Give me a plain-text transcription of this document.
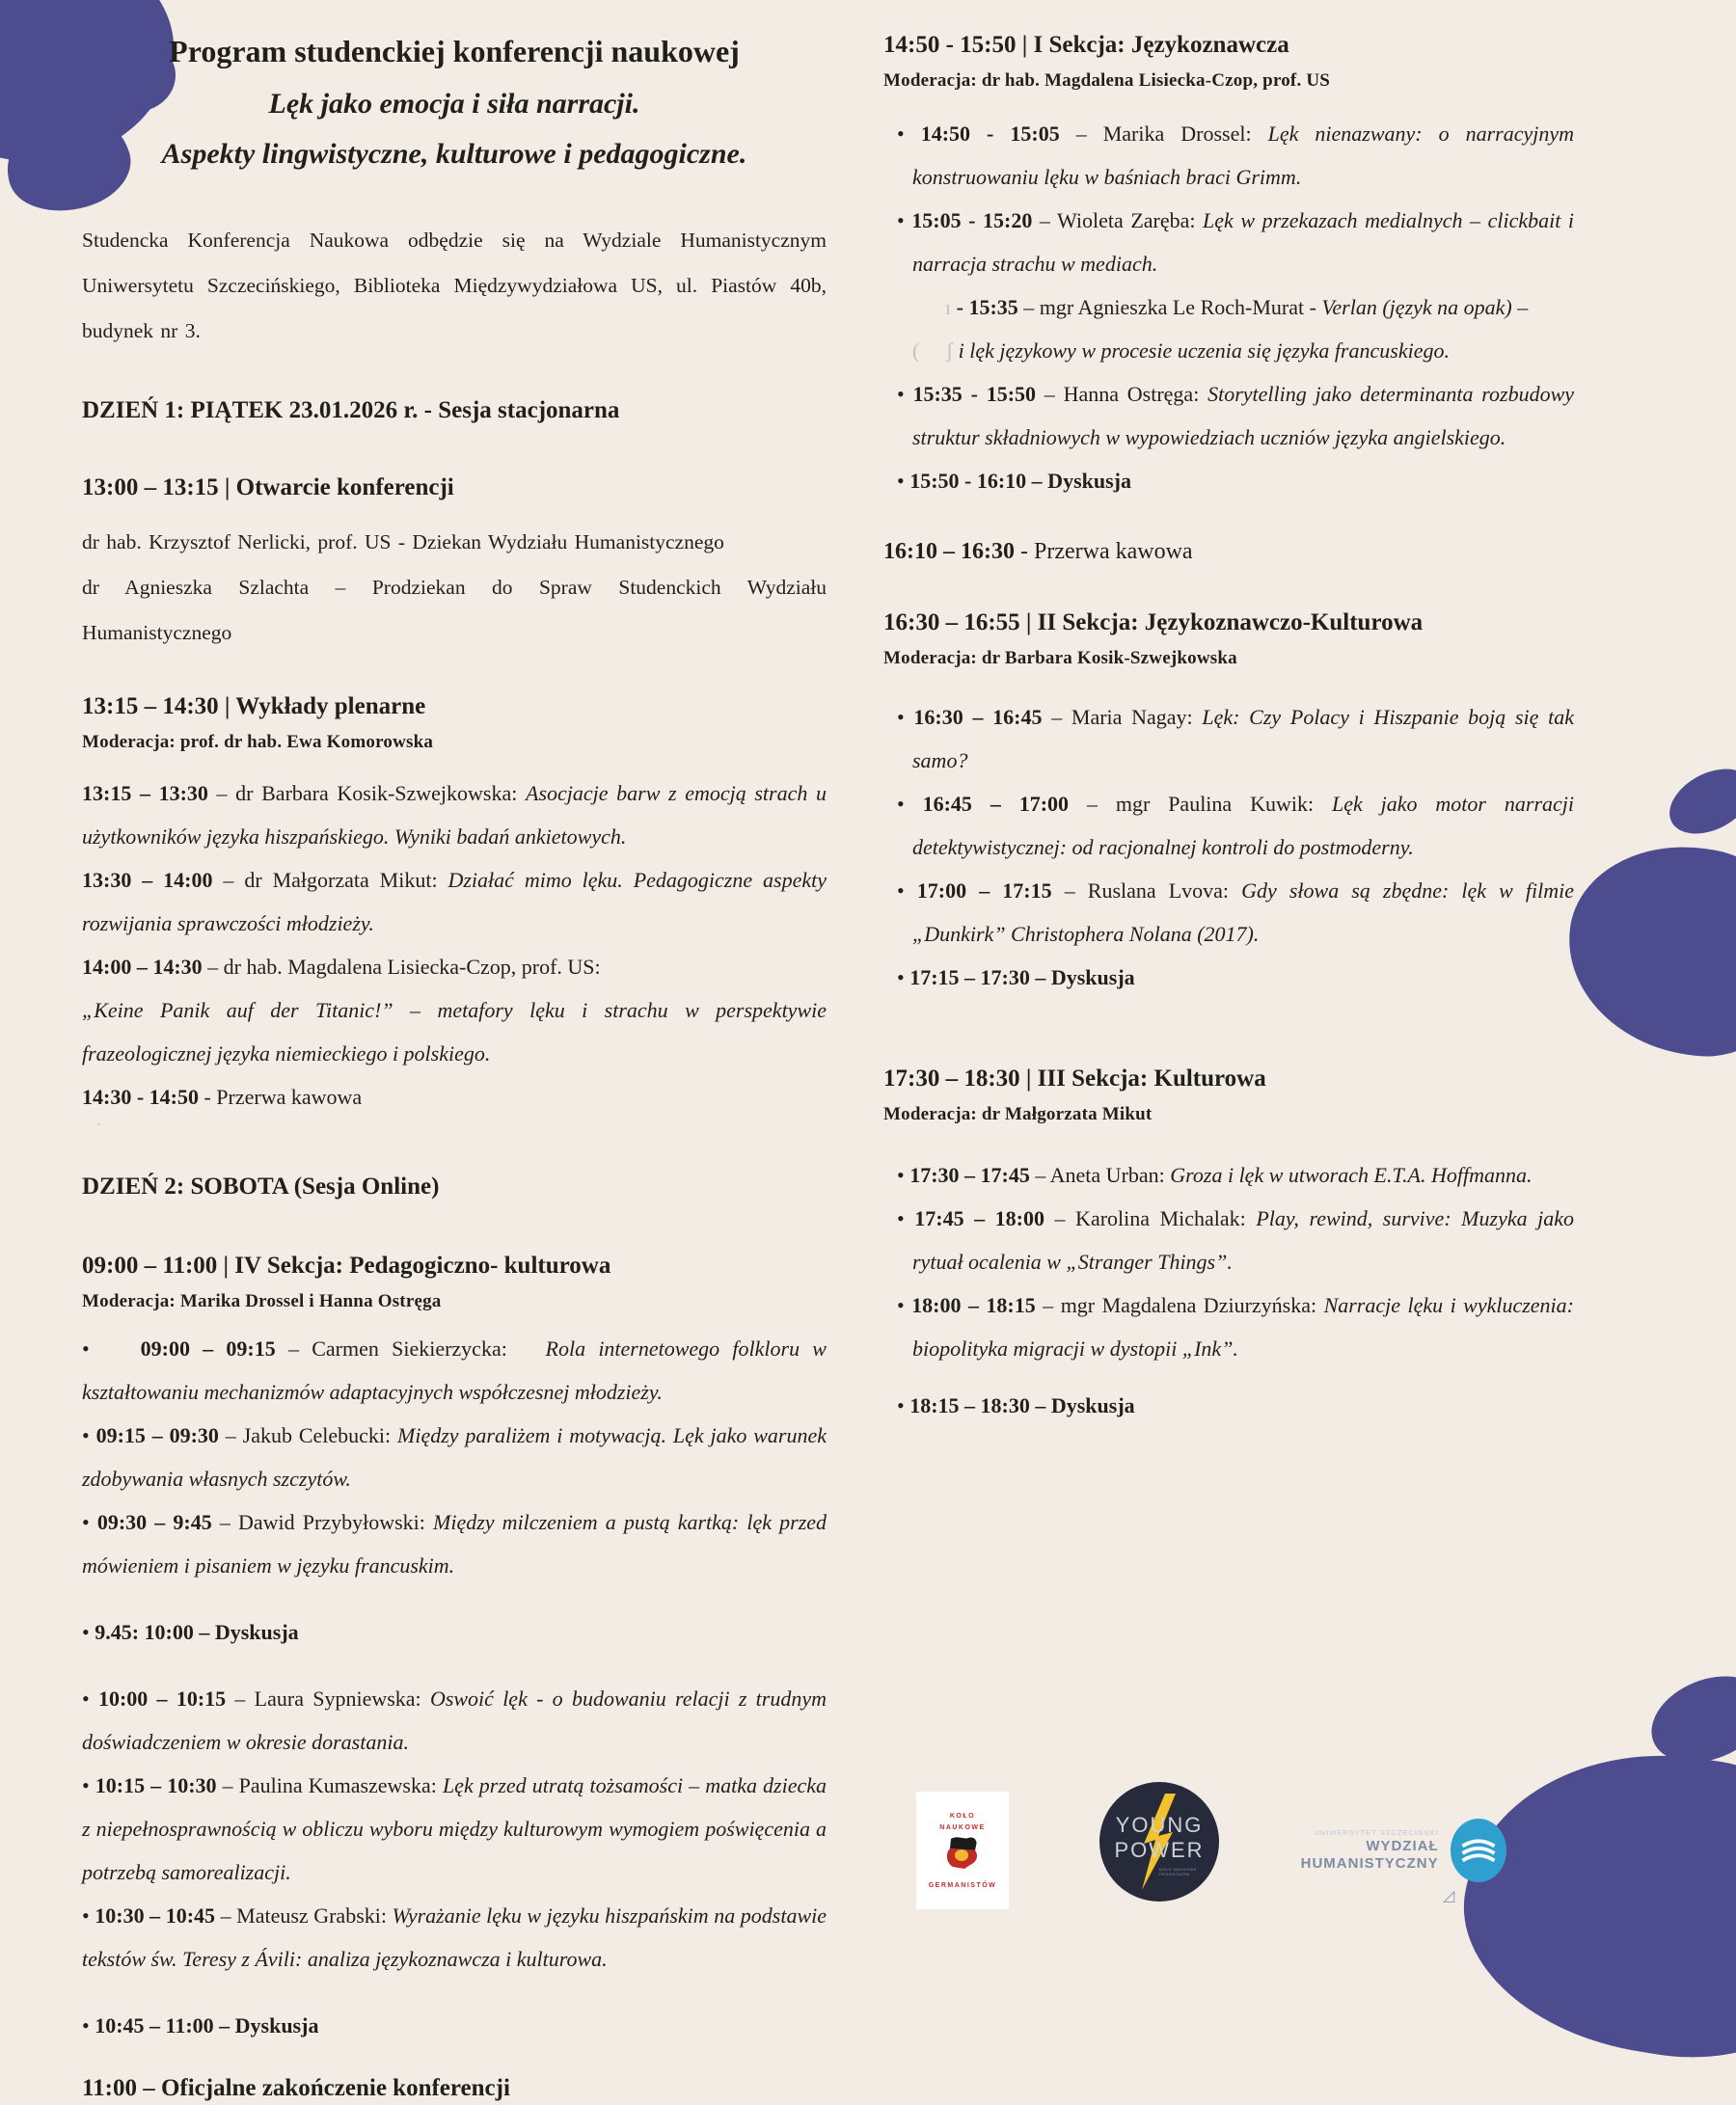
◿
Program studenckiej konferencji naukowej
Lęk jako emocja i siła narracji.
Aspekty lingwistyczne, kulturowe i pedagogiczne.
Studencka Konferencja Naukowa odbędzie się na Wydziale Humanistycznym Uniwersytetu Szczecińskiego, Biblioteka Międzywydziałowa US, ul. Piastów 40b, budynek nr 3.
DZIEŃ 1: PIĄTEK 23.01.2026 r. - Sesja stacjonarna
13:00 – 13:15 | Otwarcie konferencji
dr hab. Krzysztof Nerlicki, prof. US - Dziekan Wydziału Humanistycznego
dr Agnieszka Szlachta – Prodziekan do Spraw Studenckich Wydziału Humanistycznego
13:15 – 14:30 | Wykłady plenarne
Moderacja: prof. dr hab. Ewa Komorowska
13:15 – 13:30 – dr Barbara Kosik-Szwejkowska: Asocjacje barw z emocją strach u użytkowników języka hiszpańskiego. Wyniki badań ankietowych.
13:30 – 14:00 – dr Małgorzata Mikut: Działać mimo lęku. Pedagogiczne aspekty rozwijania sprawczości młodzieży.
14:00 – 14:30 – dr hab. Magdalena Lisiecka-Czop, prof. US:
„Keine Panik auf der Titanic!” – metafory lęku i strachu w perspektywie frazeologicznej języka niemieckiego i polskiego.
14:30 - 14:50 - Przerwa kawowa
˙
DZIEŃ 2: SOBOTA (Sesja Online)
09:00 – 11:00 | IV Sekcja: Pedagogiczno- kulturowa
Moderacja: Marika Drossel i Hanna Ostręga
•    09:00 – 09:15 – Carmen Siekierzycka:   Rola internetowego folkloru w kształtowaniu mechanizmów adaptacyjnych współczesnej młodzieży.
• 09:15 – 09:30 – Jakub Celebucki: Między paraliżem i motywacją. Lęk jako warunek zdobywania własnych szczytów.
• 09:30 – 9:45 – Dawid Przybyłowski: Między milczeniem a pustą kartką: lęk przed mówieniem i pisaniem w języku francuskim.
• 9.45: 10:00 – Dyskusja
• 10:00 – 10:15 – Laura Sypniewska: Oswoić lęk - o budowaniu relacji z trudnym doświadczeniem w okresie dorastania.
• 10:15 – 10:30 – Paulina Kumaszewska: Lęk przed utratą tożsamości – matka dziecka z niepełnosprawnością w obliczu wyboru między kulturowym wymogiem poświęcenia a potrzebą samorealizacji.
• 10:30 – 10:45 – Mateusz Grabski: Wyrażanie lęku w języku hiszpańskim na podstawie tekstów św. Teresy z Ávili: analiza językoznawcza i kulturowa.
• 10:45 – 11:00 – Dyskusja
11:00 – Oficjalne zakończenie konferencji
14:50 - 15:50 | I Sekcja: Językoznawcza
Moderacja: dr hab. Magdalena Lisiecka-Czop, prof. US
• 14:50 - 15:05 – Marika Drossel: Lęk nienazwany: o narracyjnym konstruowaniu lęku w baśniach braci Grimm.
• 15:05 - 15:20 – Wioleta Zaręba: Lęk w przekazach medialnych – clickbait i narracja strachu w mediach.
ı - 15:35 – mgr Agnieszka Le Roch-Murat - Verlan (język na opak) –
( ʃ i lęk językowy w procesie uczenia się języka francuskiego.
• 15:35 - 15:50 – Hanna Ostręga: Storytelling jako determinanta rozbudowy struktur składniowych w wypowiedziach uczniów języka angielskiego.
• 15:50 - 16:10 – Dyskusja
16:10 – 16:30 - Przerwa kawowa
16:30 – 16:55 | II Sekcja: Językoznawczo-Kulturowa
Moderacja: dr Barbara Kosik-Szwejkowska
• 16:30 – 16:45 – Maria Nagay: Lęk: Czy Polacy i Hiszpanie boją się tak samo?
• 16:45 – 17:00 – mgr Paulina Kuwik: Lęk jako motor narracji detektywistycznej: od racjonalnej kontroli do postmoderny.
• 17:00 – 17:15 – Ruslana Lvova: Gdy słowa są zbędne: lęk w filmie „Dunkirk” Christophera Nolana (2017).
• 17:15 – 17:30 – Dyskusja
17:30 – 18:30 | III Sekcja: Kulturowa
Moderacja: dr Małgorzata Mikut
• 17:30 – 17:45 – Aneta Urban: Groza i lęk w utworach E.T.A. Hoffmanna.
• 17:45 – 18:00 – Karolina Michalak: Play, rewind, survive: Muzyka jako rytuał ocalenia w „Stranger Things”.
• 18:00 – 18:15 – mgr Magdalena Dziurzyńska: Narracje lęku i wykluczenia: biopolityka migracji w dystopii „Ink”.
• 18:15 – 18:30 – Dyskusja
KOŁO
NAUKOWE
GERMANISTÓW
YOUNG
POWER
KOŁO NAUKOWE PEDAGOGÓW
UNIWERSYTET SZCZECIŃSKI
WYDZIAŁ HUMANISTYCZNY
